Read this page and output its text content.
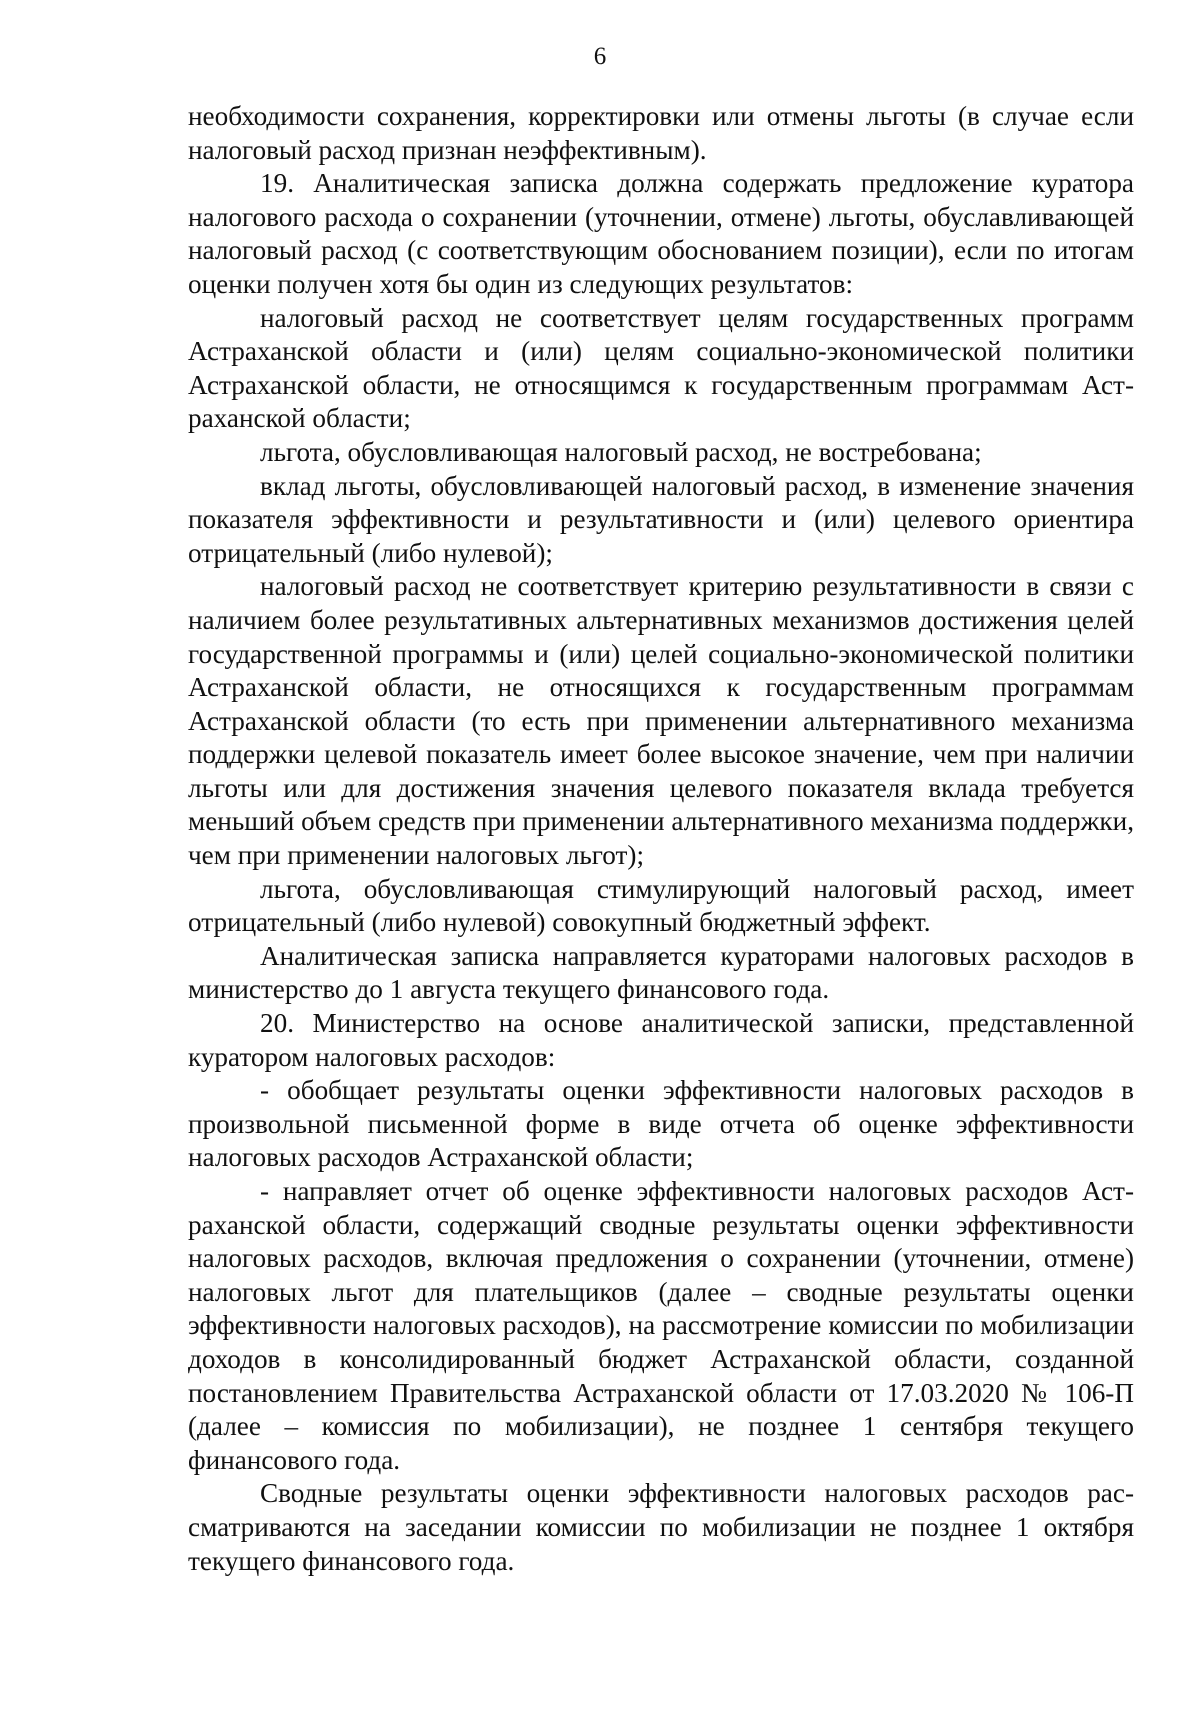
6

необходимости сохранения, корректировки или отмены льготы (в случае если налоговый расход признан неэффективным).

19. Аналитическая записка должна содержать предложение куратора налогового расхода о сохранении (уточнении, отмене) льготы, обуславливающей налоговый расход (с соответствующим обоснованием позиции), если по итогам оценки получен хотя бы один из следующих результатов:

налоговый расход не соответствует целям государственных программ Астраханской области и (или) целям социально-экономической политики Астраханской области, не относящимся к государственным программам Астраханской области;

льгота, обусловливающая налоговый расход, не востребована;

вклад льготы, обусловливающей налоговый расход, в изменение значения показателя эффективности и результативности и (или) целевого ориентира отрицательный (либо нулевой);

налоговый расход не соответствует критерию результативности в связи с наличием более результативных альтернативных механизмов достижения целей государственной программы и (или) целей социально-экономической политики Астраханской области, не относящихся к государственным программам Астраханской области (то есть при применении альтернативного механизма поддержки целевой показатель имеет более высокое значение, чем при наличии льготы или для достижения значения целевого показателя вклада требуется меньший объем средств при применении альтернативного механизма поддержки, чем при применении налоговых льгот);

льгота, обусловливающая стимулирующий налоговый расход, имеет отрицательный (либо нулевой) совокупный бюджетный эффект.

Аналитическая записка направляется кураторами налоговых расходов в министерство до 1 августа текущего финансового года.

20. Министерство на основе аналитической записки, представленной куратором налоговых расходов:

- обобщает результаты оценки эффективности налоговых расходов в произвольной письменной форме в виде отчета об оценке эффективности налоговых расходов Астраханской области;

- направляет отчет об оценке эффективности налоговых расходов Астраханской области, содержащий сводные результаты оценки эффективности налоговых расходов, включая предложения о сохранении (уточнении, отмене) налоговых льгот для плательщиков (далее – сводные результаты оценки эффективности налоговых расходов), на рассмотрение комиссии по мобилизации доходов в консолидированный бюджет Астраханской области, созданной постановлением Правительства Астраханской области от 17.03.2020 № 106-П (далее – комиссия по мобилизации), не позднее 1 сентября текущего финансового года.

Сводные результаты оценки эффективности налоговых расходов рассматриваются на заседании комиссии по мобилизации не позднее 1 октября текущего финансового года.
